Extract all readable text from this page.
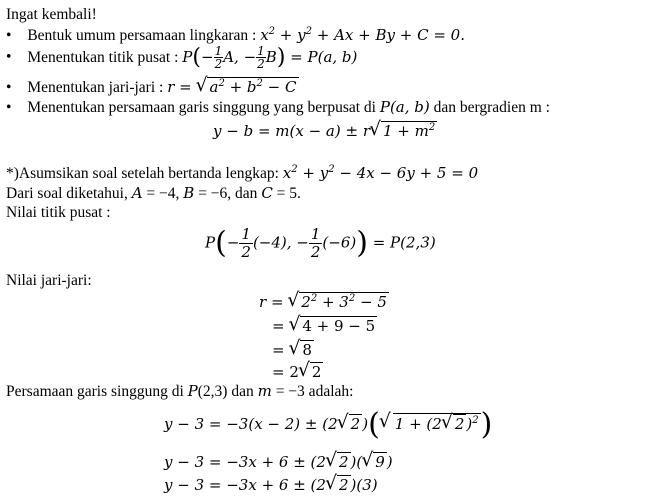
Ingat kembali!
• Bentuk umum persamaan lingkaran : $x^2 + y^2 + Ax + By + C = 0$.
• Menentukan titik pusat : $P(- \frac{1}{2} A$, − $\frac{1}{2} B) = P(a$, b)
• Menentukan jari-jari : r = √ $a^2 + b^2 - C$
• Menentukan persamaan garis singgung yang berpusat di P(a, b) dan bergradien m :
y − b = m(x − a) ± r √ $1 + m^2$
*)Asumsikan soal setelah bertanda lengkap: $x^2 + y^2 - 4x - 6y + 5 = 0$
Dari soal diketahui, A = −4, B = −6, dan C = 5.
Nilai titik pusat :
$P(- \frac{1}{2} (-4)$, − $\frac{1}{2} (-6)) = P(2,3)$
Nilai jari-jari:
r = √ $2^2 + 3^2 - 5$
= √ 4 + 9 − 5
= √ 8
= 2 √ 2
Persamaan garis singgung di P(2,3) dan m = −3 adalah:
y − 3 = −3(x − 2) ± (2 √ 2 )( √ 1 + (2 √ 2 )$^2$)
y − 3 = −3x + 6 ± (2 √ 2 )( √ 9 )
y − 3 = −3x + 6 ± (2 √ 2 )(3)
